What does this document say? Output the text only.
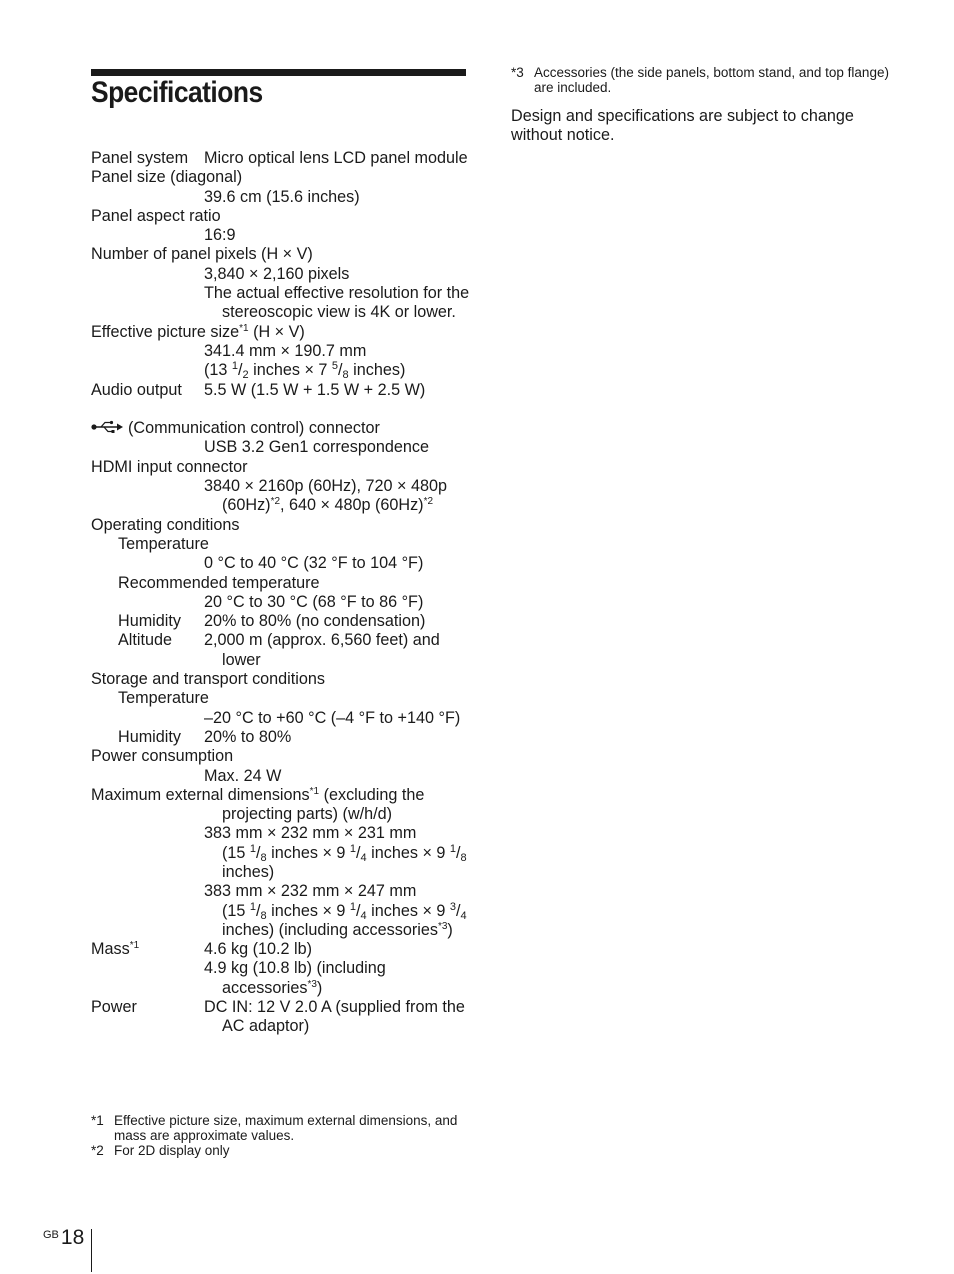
Specifications
Panel system Micro optical lens LCD panel module
Panel size (diagonal)
39.6 cm (15.6 inches)
Panel aspect ratio
16:9
Number of panel pixels (H × V)
3,840 × 2,160 pixels
The actual effective resolution for the stereoscopic view is 4K or lower.
Effective picture size$^{*1}$ (H × V)
341.4 mm × 190.7 mm
(13 $^1$/2 inches × 7 $^5$/8 inches)
Audio output 5.5 W (1.5 W + 1.5 W + 2.5 W)
(Communication control) connector
USB 3.2 Gen1 correspondence
HDMI input connector
3840 × 2160p (60Hz), 720 × 480p $(60Hz)^{*2}$, 640 × 480p $(60Hz)^{*2}$
Operating conditions
Temperature
0 °C to 40 °C (32 °F to 104 °F)
Recommended temperature
20 °C to 30 °C (68 °F to 86 °F)
Humidity 20% to 80% (no condensation)
Altitude 2,000 m (approx. 6,560 feet) and lower
Storage and transport conditions
Temperature
–20 °C to +60 °C (–4 °F to +140 °F)
Humidity 20% to 80%
Power consumption
Max. 24 W
Maximum external dimensions$^{*1}$ (excluding the projecting parts) (w/h/d)
383 mm × 232 mm × 231 mm
(15 $^1$/8 inches × 9 $^1$/4 inches × 9 $^1$/8 inches)
383 mm × 232 mm × 247 mm
(15 $^1$/8 inches × 9 $^1$/4 inches × 9 $^3$/4 inches) (including accessories$^{*3}$)
Mass$^{*1}$	4.6 kg (10.2 lb)
4.9 kg (10.8 lb) (including accessories$^{*3}$)
Power	DC IN: 12 V 2.0 A (supplied from the AC adaptor)
*1 Effective picture size, maximum external dimensions, and mass are approximate values.
*2 For 2D display only
*3 Accessories (the side panels, bottom stand, and top flange) are included.
Design and specifications are subject to change without notice.
$^{GB}$18
